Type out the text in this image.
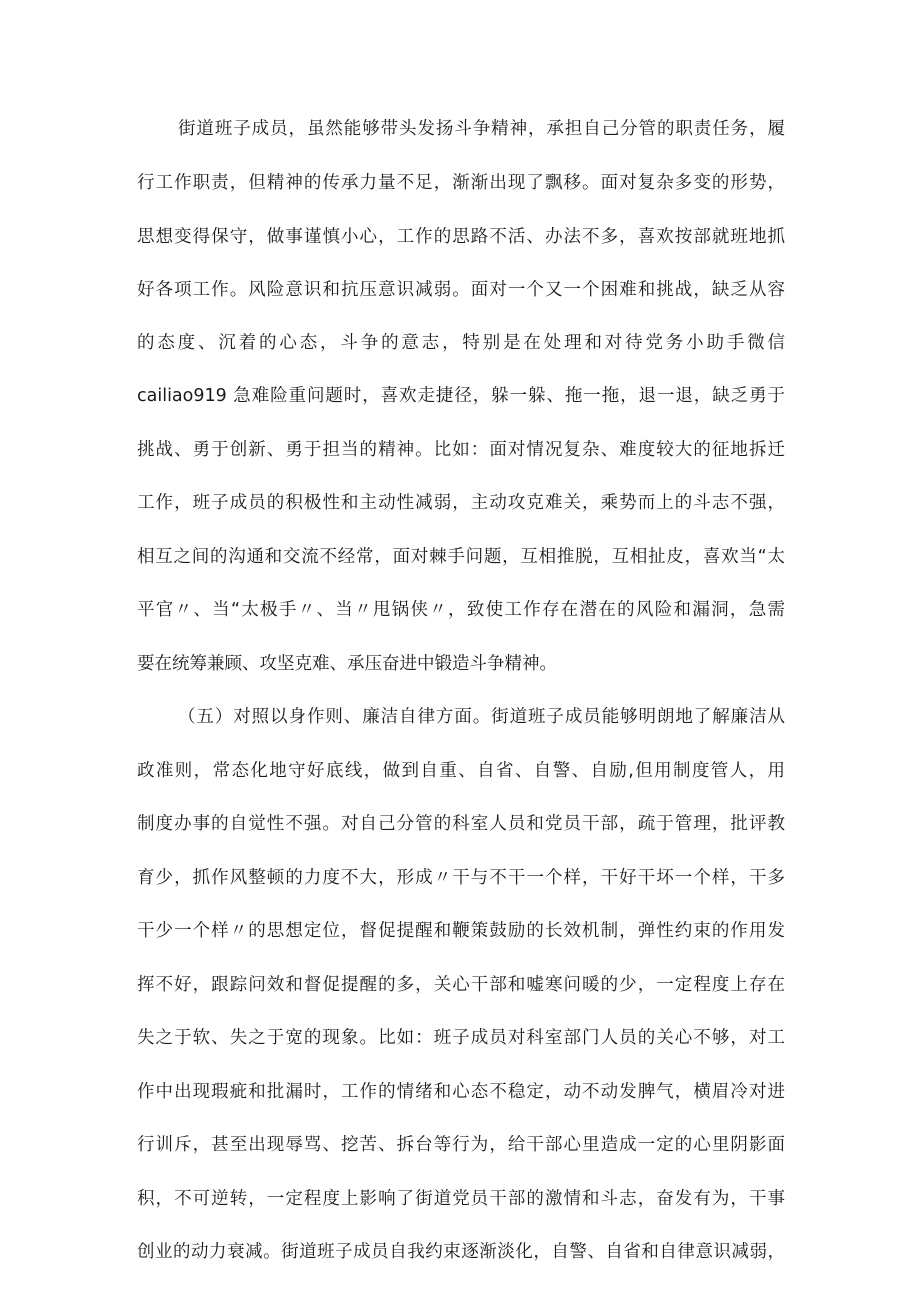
街道班子成员，虽然能够带头发扬斗争精神，承担自己分管的职责任务，履
行工作职责，但精神的传承力量不足，渐渐出现了飘移。面对复杂多变的形势，
思想变得保守，做事谨慎小心，工作的思路不活、办法不多，喜欢按部就班地抓
好各项工作。风险意识和抗压意识减弱。面对一个又一个困难和挑战，缺乏从容
的态度、沉着的心态，斗争的意志，特别是在处理和对待党务小助手微信
cailiao919 急难险重问题时，喜欢走捷径，躲一躲、拖一拖，退一退，缺乏勇于
挑战、勇于创新、勇于担当的精神。比如：面对情况复杂、难度较大的征地拆迁
工作，班子成员的积极性和主动性减弱，主动攻克难关，乘势而上的斗志不强，
相互之间的沟通和交流不经常，面对棘手问题，互相推脱，互相扯皮，喜欢当“太
平官〃、当“太极手〃、当〃甩锅侠〃，致使工作存在潜在的风险和漏洞，急需
要在统筹兼顾、攻坚克难、承压奋进中锻造斗争精神。
（五）对照以身作则、廉洁自律方面。街道班子成员能够明朗地了解廉洁从
政准则，常态化地守好底线，做到自重、自省、自警、自励,但用制度管人，用
制度办事的自觉性不强。对自己分管的科室人员和党员干部，疏于管理，批评教
育少，抓作风整顿的力度不大，形成〃干与不干一个样，干好干坏一个样，干多
干少一个样〃的思想定位，督促提醒和鞭策鼓励的长效机制，弹性约束的作用发
挥不好，跟踪问效和督促提醒的多，关心干部和嘘寒问暖的少，一定程度上存在
失之于软、失之于宽的现象。比如：班子成员对科室部门人员的关心不够，对工
作中出现瑕疵和批漏时，工作的情绪和心态不稳定，动不动发脾气，横眉冷对进
行训斥，甚至出现辱骂、挖苦、拆台等行为，给干部心里造成一定的心里阴影面
积，不可逆转，一定程度上影响了街道党员干部的激情和斗志，奋发有为，干事
创业的动力衰减。街道班子成员自我约束逐渐淡化，自警、自省和自律意识减弱，
